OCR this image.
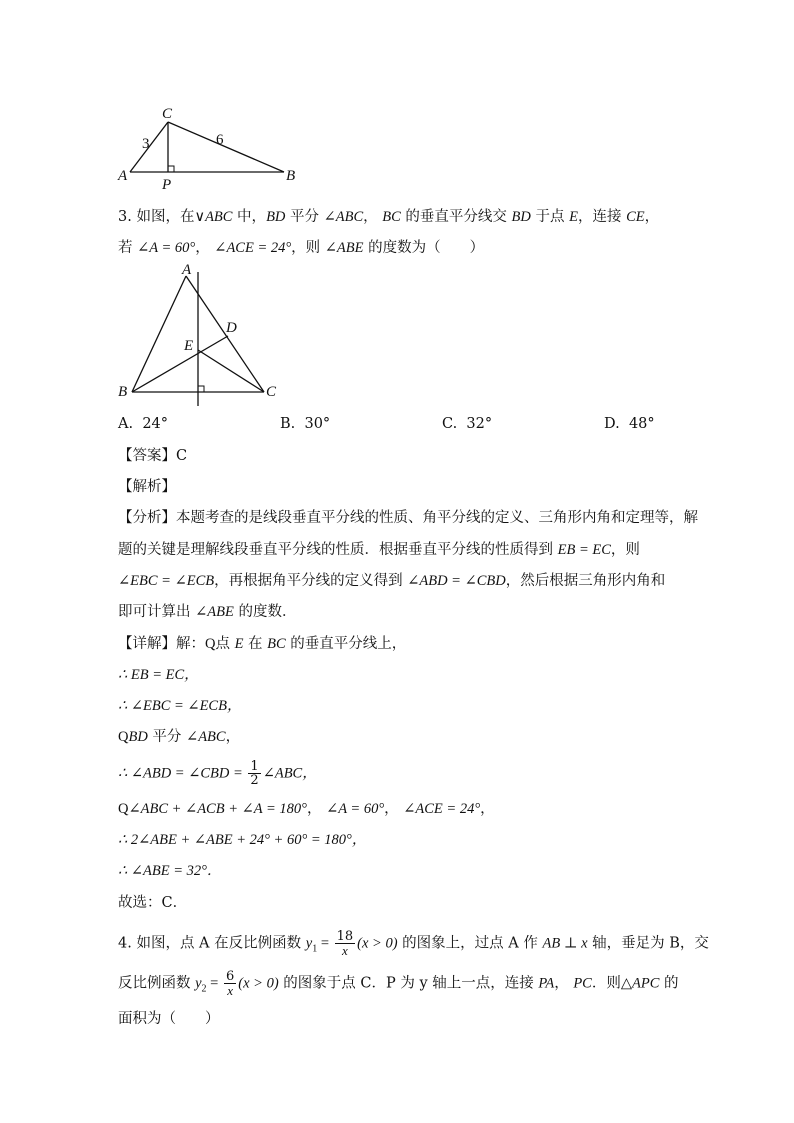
C
A	B
P
3	6
3. 如图，在∨ABC 中，BD 平分 ∠ABC， BC 的垂直平分线交 BD 于点 E，连接 CE，
若 ∠A = 60°， ∠ACE = 24°，则 ∠ABE 的度数为（　　）
A
B	C
D
E
A. 24°	B. 30°	C. 32°	D. 48°
【答案】C
【解析】
【分析】本题考查的是线段垂直平分线的性质、角平分线的定义、三角形内角和定理等，解
题的关键是理解线段垂直平分线的性质．根据垂直平分线的性质得到 EB = EC，则
∠EBC = ∠ECB，再根据角平分线的定义得到 ∠ABD = ∠CBD，然后根据三角形内角和
即可计算出 ∠ABE 的度数．
【详解】解：Q点 E 在 BC 的垂直平分线上，
∴ EB = EC，
∴ ∠EBC = ∠ECB，
QBD 平分 ∠ABC，
∴ ∠ABD = ∠CBD = $\frac{1}{2}$ ∠ABC，
Q∠ABC + ∠ACB + ∠A = 180°， ∠A = 60°， ∠ACE = 24°，
∴ 2∠ABE + ∠ABE + 24° + 60° = 180°，
∴ ∠ABE = 32°．
故选：C．
4. 如图，点 A 在反比例函数 $y_1 = \frac{18}{x} (x > 0)$ 的图象上，过点 A 作 AB ⊥ x 轴，垂足为 B，交
反比例函数 $y_2 = \frac{6}{x} (x > 0)$ 的图象于点 C．P 为 y 轴上一点，连接 PA， PC．则△APC 的
面积为（　　）
